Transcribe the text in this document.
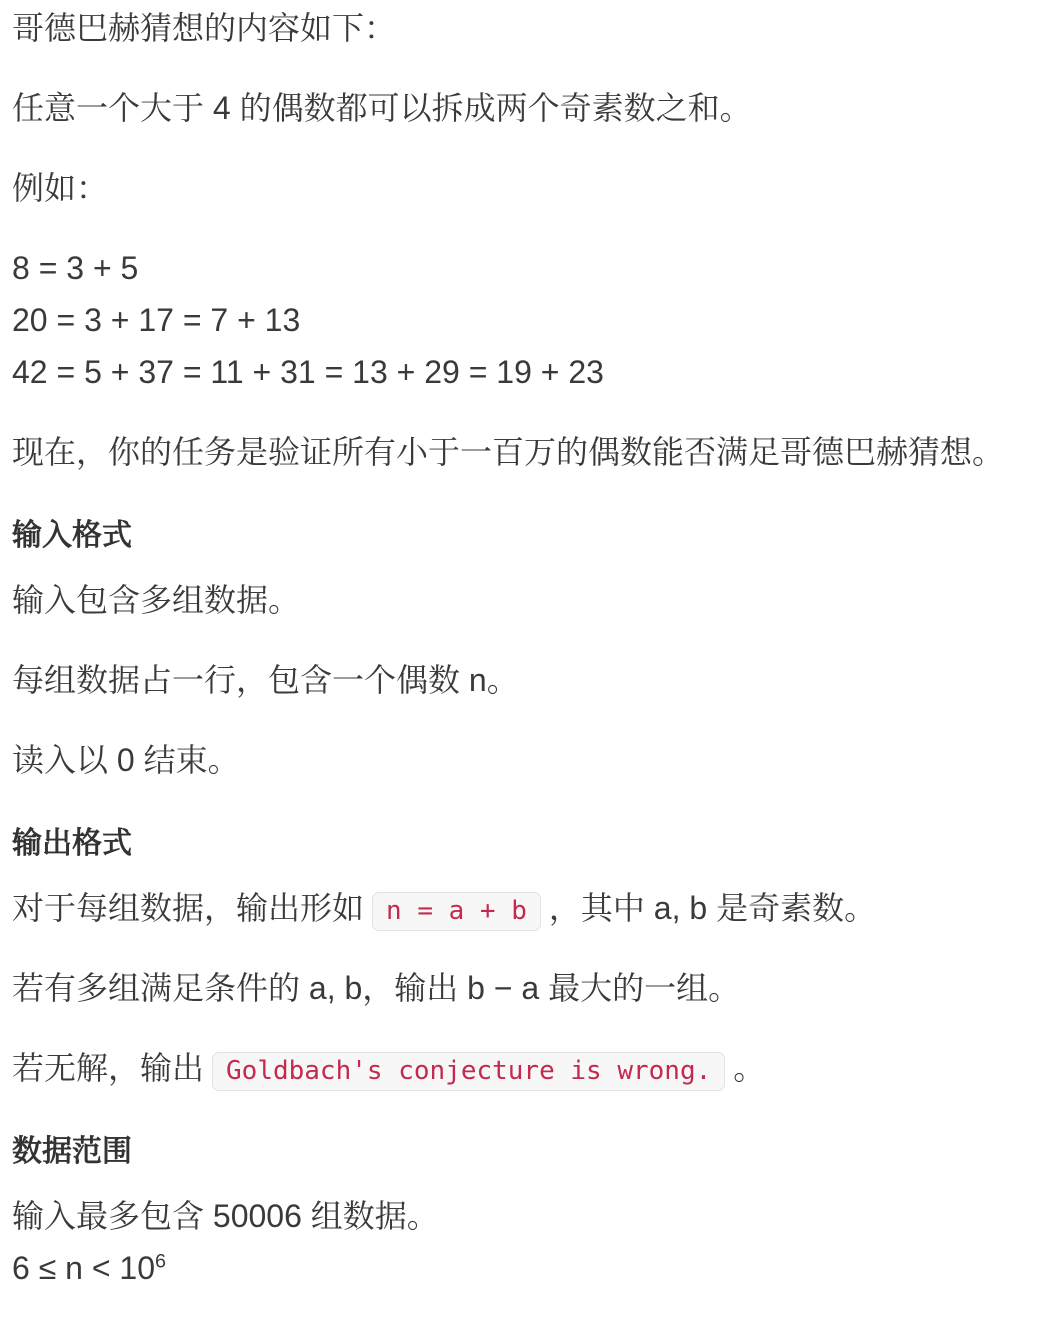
哥德巴赫猜想的内容如下：

任意一个大于 4 的偶数都可以拆成两个奇素数之和。

例如：

8 = 3 + 5
20 = 3 + 17 = 7 + 13
42 = 5 + 37 = 11 + 31 = 13 + 29 = 19 + 23

现在，你的任务是验证所有小于一百万的偶数能否满足哥德巴赫猜想。

输入格式

输入包含多组数据。

每组数据占一行，包含一个偶数 n。

读入以 0 结束。

输出格式

对于每组数据，输出形如 n = a + b ，其中 a, b 是奇素数。

若有多组满足条件的 a, b，输出 b − a 最大的一组。

若无解，输出 Goldbach's conjecture is wrong. 。

数据范围

输入最多包含 50006 组数据。
$6 \le n < 10^6$
